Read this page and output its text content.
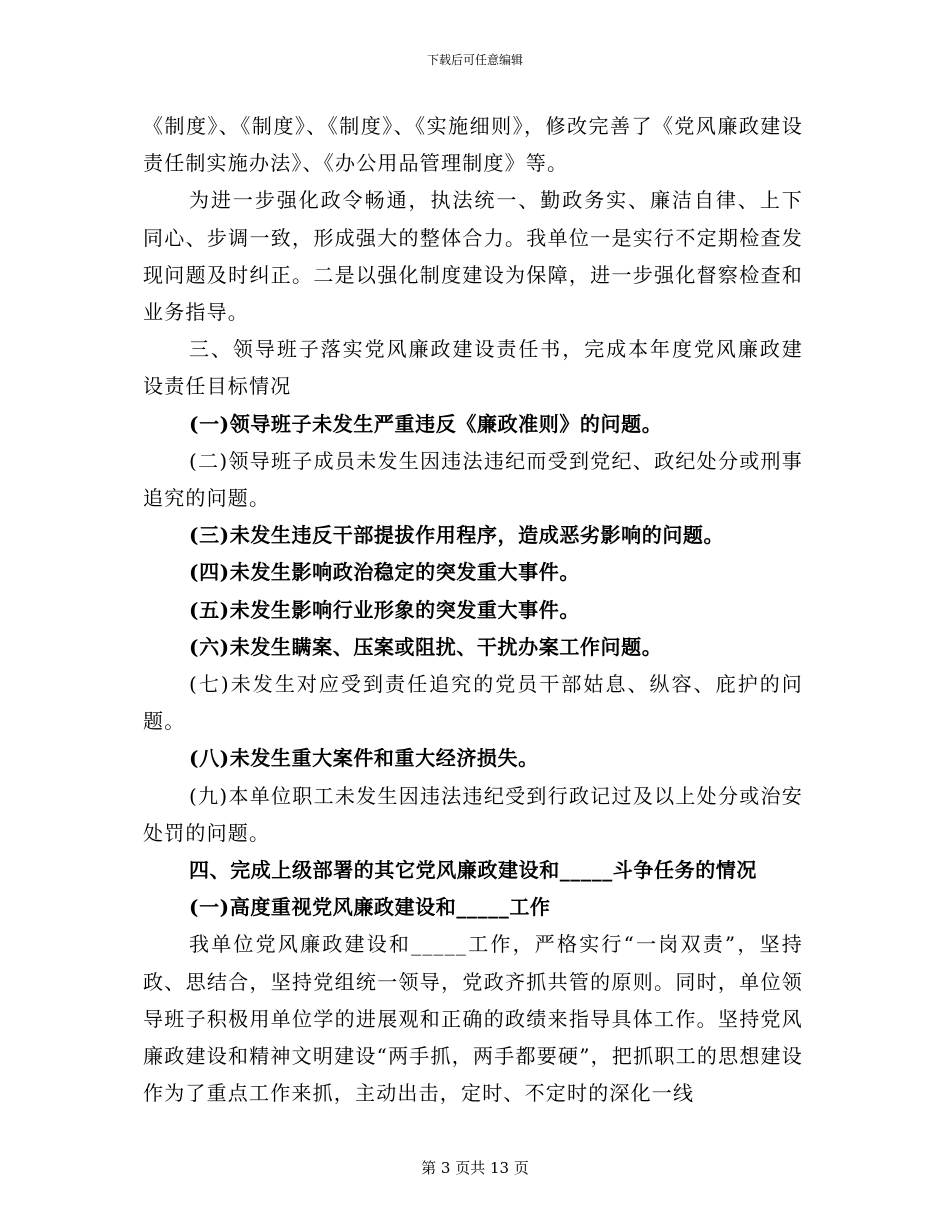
下载后可任意编辑

《制度》、《制度》、《制度》、《实施细则》，修改完善了《党风廉政建设责任制实施办法》、《办公用品管理制度》等。

为进一步强化政令畅通，执法统一、勤政务实、廉洁自律、上下同心、步调一致，形成强大的整体合力。我单位一是实行不定期检查发现问题及时纠正。二是以强化制度建设为保障，进一步强化督察检查和业务指导。

三、领导班子落实党风廉政建设责任书，完成本年度党风廉政建设责任目标情况

(一)领导班子未发生严重违反《廉政准则》的问题。

(二)领导班子成员未发生因违法违纪而受到党纪、政纪处分或刑事追究的问题。

(三)未发生违反干部提拔作用程序，造成恶劣影响的问题。

(四)未发生影响政治稳定的突发重大事件。

(五)未发生影响行业形象的突发重大事件。

(六)未发生瞒案、压案或阻扰、干扰办案工作问题。

(七)未发生对应受到责任追究的党员干部姑息、纵容、庇护的问题。

(八)未发生重大案件和重大经济损失。

(九)本单位职工未发生因违法违纪受到行政记过及以上处分或治安处罚的问题。

四、完成上级部署的其它党风廉政建设和_____斗争任务的情况

(一)高度重视党风廉政建设和_____工作

我单位党风廉政建设和_____工作，严格实行“一岗双责”，坚持政、思结合，坚持党组统一领导，党政齐抓共管的原则。同时，单位领导班子积极用单位学的进展观和正确的政绩来指导具体工作。坚持党风廉政建设和精神文明建设“两手抓，两手都要硬”，把抓职工的思想建设作为了重点工作来抓，主动出击，定时、不定时的深化一线

第 3 页共 13 页
